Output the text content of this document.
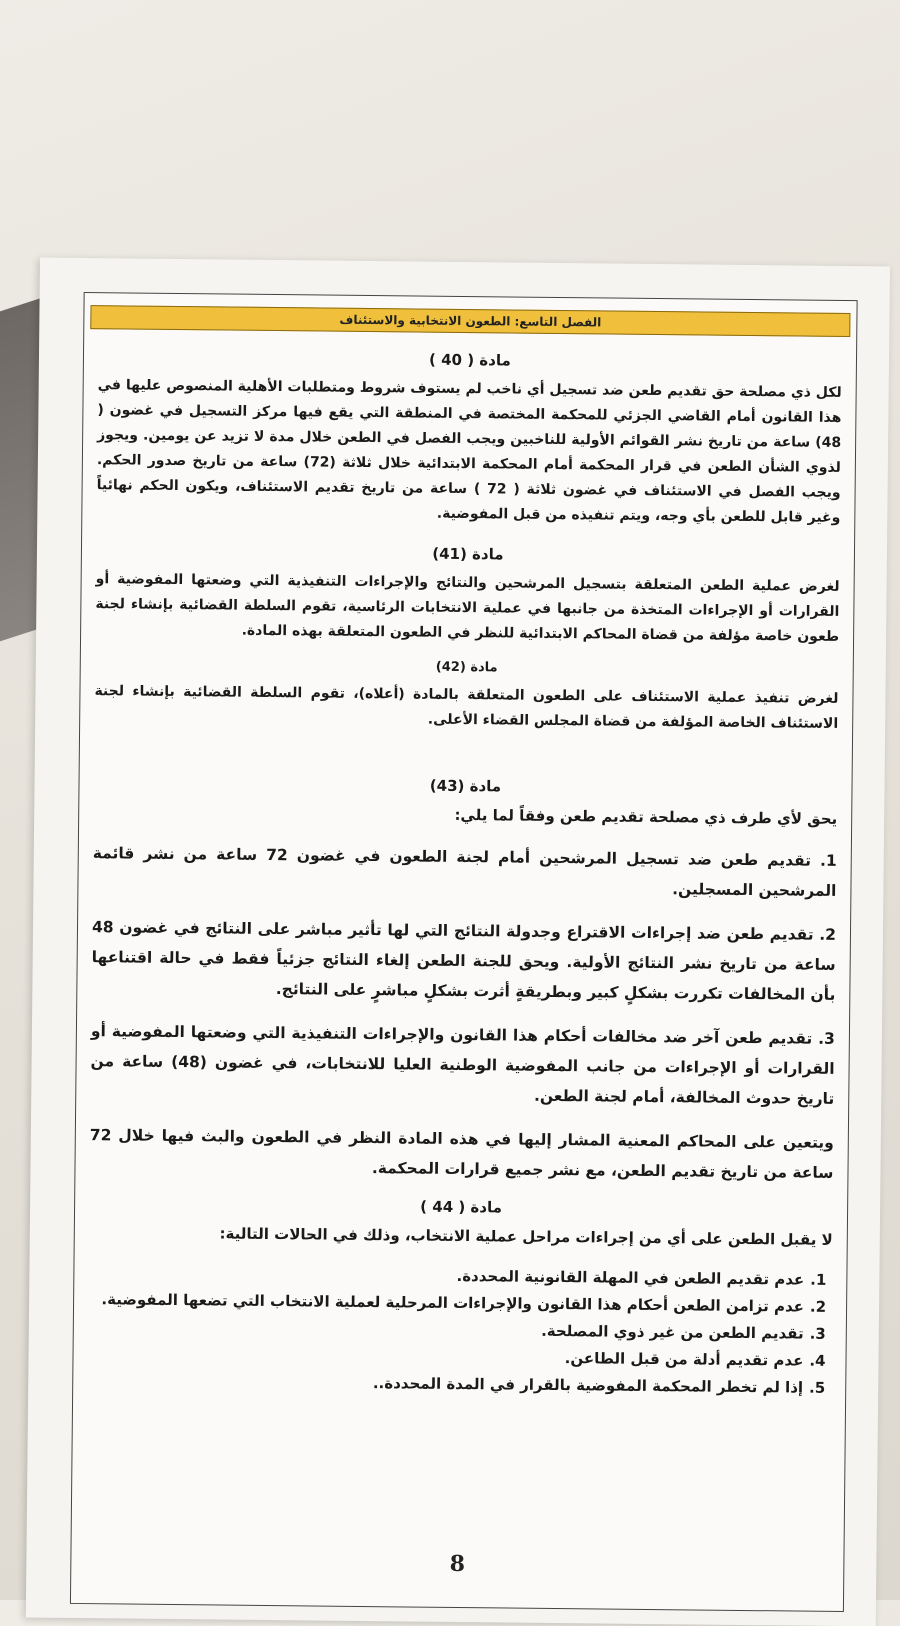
الفصل التاسع: الطعون الانتخابية والاستئناف
مادة ( 40 )

لكل ذي مصلحة حق تقديم طعن ضد تسجيل أي ناخب لم يستوف شروط ومتطلبات الأهلية المنصوص عليها في هذا القانون أمام القاضي الجزئي للمحكمة المختصة في المنطقة التي يقع فيها مركز التسجيل في غضون ( 48) ساعة من تاريخ نشر القوائم الأولية للناخبين ويجب الفصل في الطعن خلال مدة لا تزيد عن يومين. ويجوز لذوي الشأن الطعن في قرار المحكمة أمام المحكمة الابتدائية خلال ثلاثة (72) ساعة من تاريخ صدور الحكم. ويجب الفصل في الاستئناف في غضون ثلاثة ( 72 ) ساعة من تاريخ تقديم الاستئناف، ويكون الحكم نهائياً وغير قابل للطعن بأي وجه، ويتم تنفيذه من قبل المفوضية.

مادة (41)

لغرض عملية الطعن المتعلقة بتسجيل المرشحين والنتائج والإجراءات التنفيذية التي وضعتها المفوضية أو القرارات أو الإجراءات المتخذة من جانبها في عملية الانتخابات الرئاسية، تقوم السلطة القضائية بإنشاء لجنة طعون خاصة مؤلفة من قضاة المحاكم الابتدائية للنظر في الطعون المتعلقة بهذه المادة.

مادة (42)

لغرض تنفيذ عملية الاستئناف على الطعون المتعلقة بالمادة (أعلاه)، تقوم السلطة القضائية بإنشاء لجنة الاستئناف الخاصة المؤلفة من قضاة المجلس القضاء الأعلى.

مادة (43)

يحق لأي طرف ذي مصلحة تقديم طعن وفقاً لما يلي:

1. تقديم طعن ضد تسجيل المرشحين أمام لجنة الطعون في غضون 72 ساعة من نشر قائمة المرشحين المسجلين.

2. تقديم طعن ضد إجراءات الاقتراع وجدولة النتائج التي لها تأثير مباشر على النتائج في غضون 48 ساعة من تاريخ نشر النتائج الأولية. ويحق للجنة الطعن إلغاء النتائج جزئياً فقط في حالة اقتناعها بأن المخالفات تكررت بشكلٍ كبير وبطريقةٍ أثرت بشكلٍ مباشرٍ على النتائج.

3. تقديم طعن آخر ضد مخالفات أحكام هذا القانون والإجراءات التنفيذية التي وضعتها المفوضية أو القرارات أو الإجراءات من جانب المفوضية الوطنية العليا للانتخابات، في غضون (48) ساعة من تاريخ حدوث المخالفة، أمام لجنة الطعن.

ويتعين على المحاكم المعنية المشار إليها في هذه المادة النظر في الطعون والبث فيها خلال 72 ساعة من تاريخ تقديم الطعن، مع نشر جميع قرارات المحكمة.

مادة ( 44 )

لا يقبل الطعن على أي من إجراءات مراحل عملية الانتخاب، وذلك في الحالات التالية:

1.
عدم تقديم الطعن في المهلة القانونية المحددة.
2.
عدم تزامن الطعن أحكام هذا القانون والإجراءات المرحلية لعملية الانتخاب التي تضعها المفوضية.
3.
تقديم الطعن من غير ذوي المصلحة.
4.
عدم تقديم أدلة من قبل الطاعن.
5.
إذا لم تخطر المحكمة المفوضية بالقرار في المدة المحددة..
8
